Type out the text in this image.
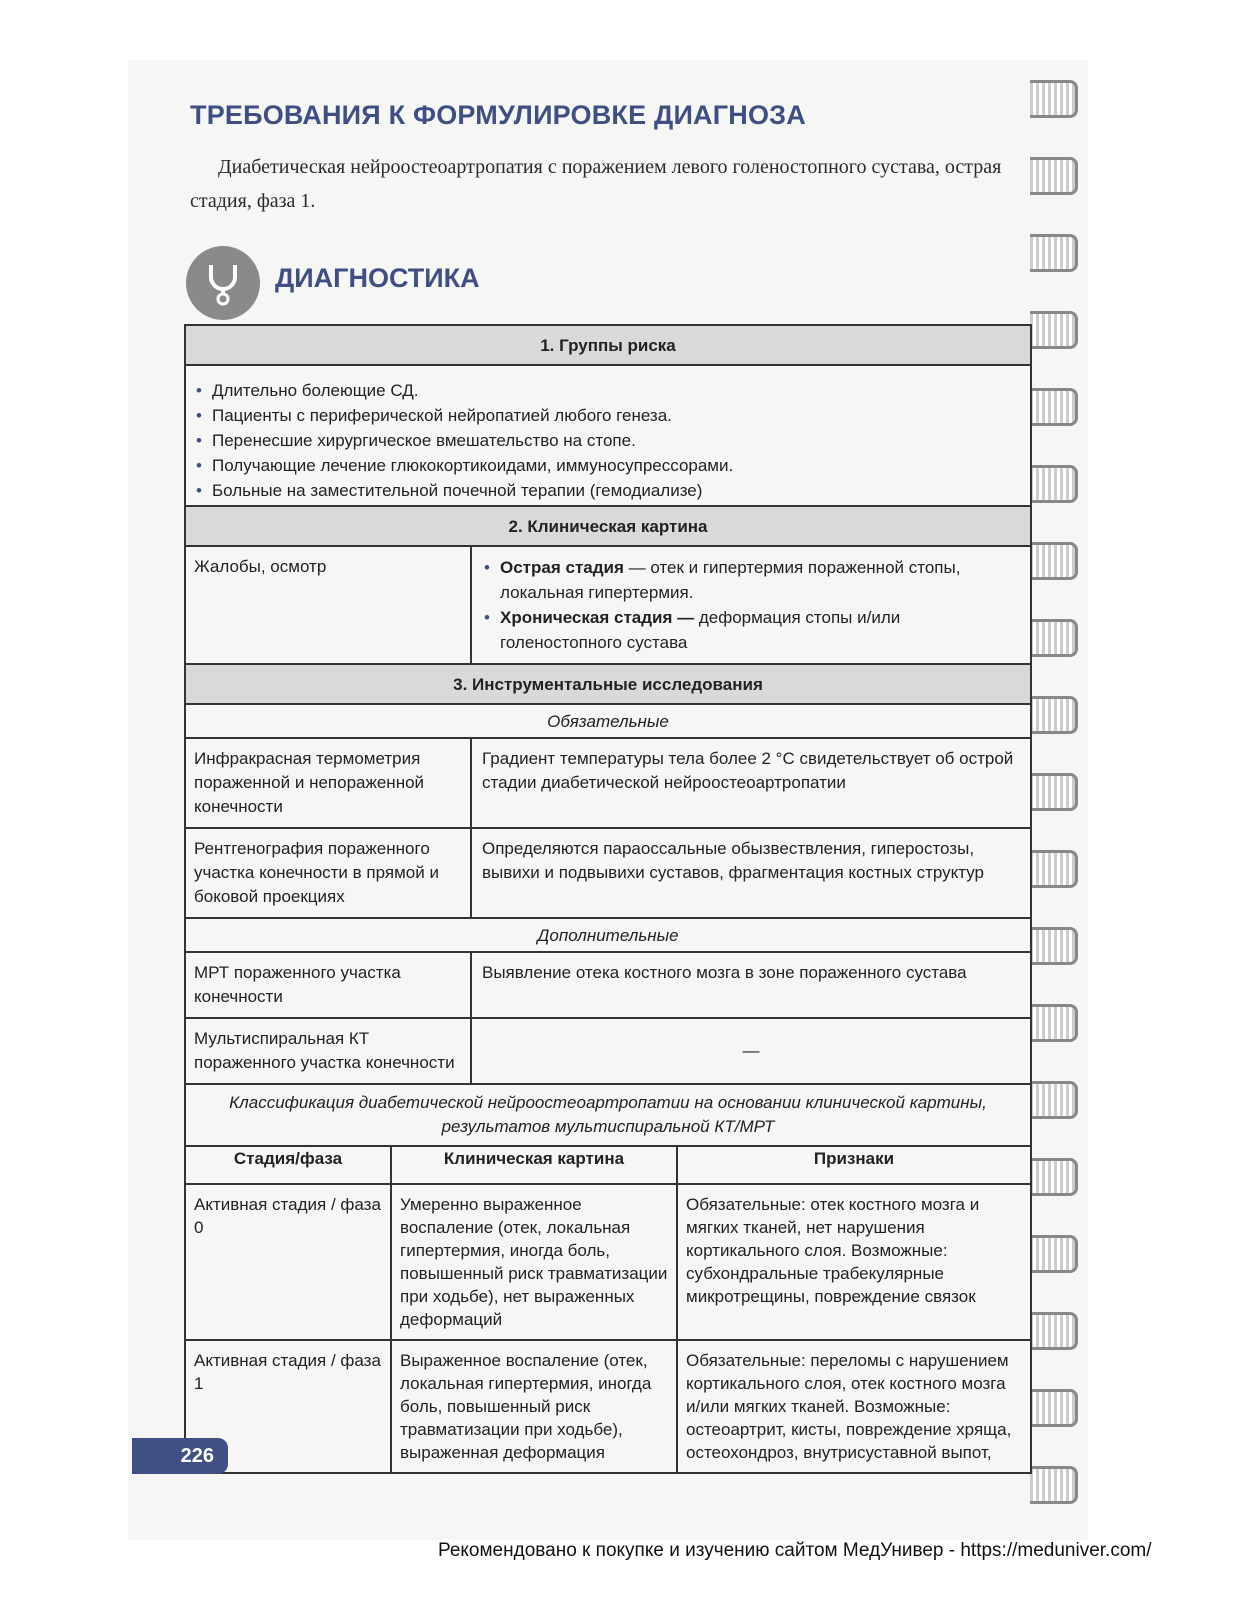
ТРЕБОВАНИЯ К ФОРМУЛИРОВКЕ ДИАГНОЗА

Диабетическая нейроостеоартропатия с поражением левого голеностопного сустава, острая стадия, фаза 1.

ДИАГНОСТИКА
1. Группы риска
• Длительно болеющие СД.
• Пациенты с периферической нейропатией любого генеза.
• Перенесшие хирургическое вмешательство на стопе.
• Получающие лечение глюкокортикоидами, иммуносупрессорами.
• Больные на заместительной почечной терапии (гемодиализе)
2. Клиническая картина
Жалобы, осмотр
•	Острая стадия — отек и гипертермия пораженной стопы, локальная гипертермия.
• Хроническая стадия — деформация стопы и/или голеностопного сустава
3. Инструментальные исследования
Обязательные
Инфракрасная термометрия пораженной и непораженной конечности
Градиент температуры тела более 2 °С свидетельствует об острой стадии диабетической нейроостеоартропатии
Рентгенография пораженного участка конечности в прямой и боковой проекциях
Определяются параоссальные обызвествления, гиперостозы, вывихи и подвывихи суставов, фрагментация костных структур
Дополнительные
МРТ пораженного участка конечности
Выявление отека костного мозга в зоне пораженного сустава
Мультиспиральная КТ пораженного участка конечности
—
Классификация диабетической нейроостеоартропатии на основании клинической картины, результатов мультиспиральной КТ/МРТ
Стадия/фаза	Клиническая картина	Признаки
Активная стадия / фаза 0
Умеренно выраженное воспаление (отек, локальная гипертермия, иногда боль, повышенный риск травматизации при ходьбе), нет выраженных деформаций
Обязательные: отек костного мозга и мягких тканей, нет нарушения кортикального слоя. Возможные: субхондральные трабекулярные микротрещины, повреждение связок
Активная стадия / фаза 1
Выраженное воспаление (отек, локальная гипертермия, иногда боль, повышенный риск травматизации при ходьбе), выраженная деформация
Обязательные: переломы с нарушением кортикального слоя, отек костного мозга и/или мягких тканей. Возможные: остеоартрит, кисты, повреждение хряща, остеохондроз, внутрисуставной выпот,
226
Рекомендовано к покупке и изучению сайтом МедУнивер - https://meduniver.com/
